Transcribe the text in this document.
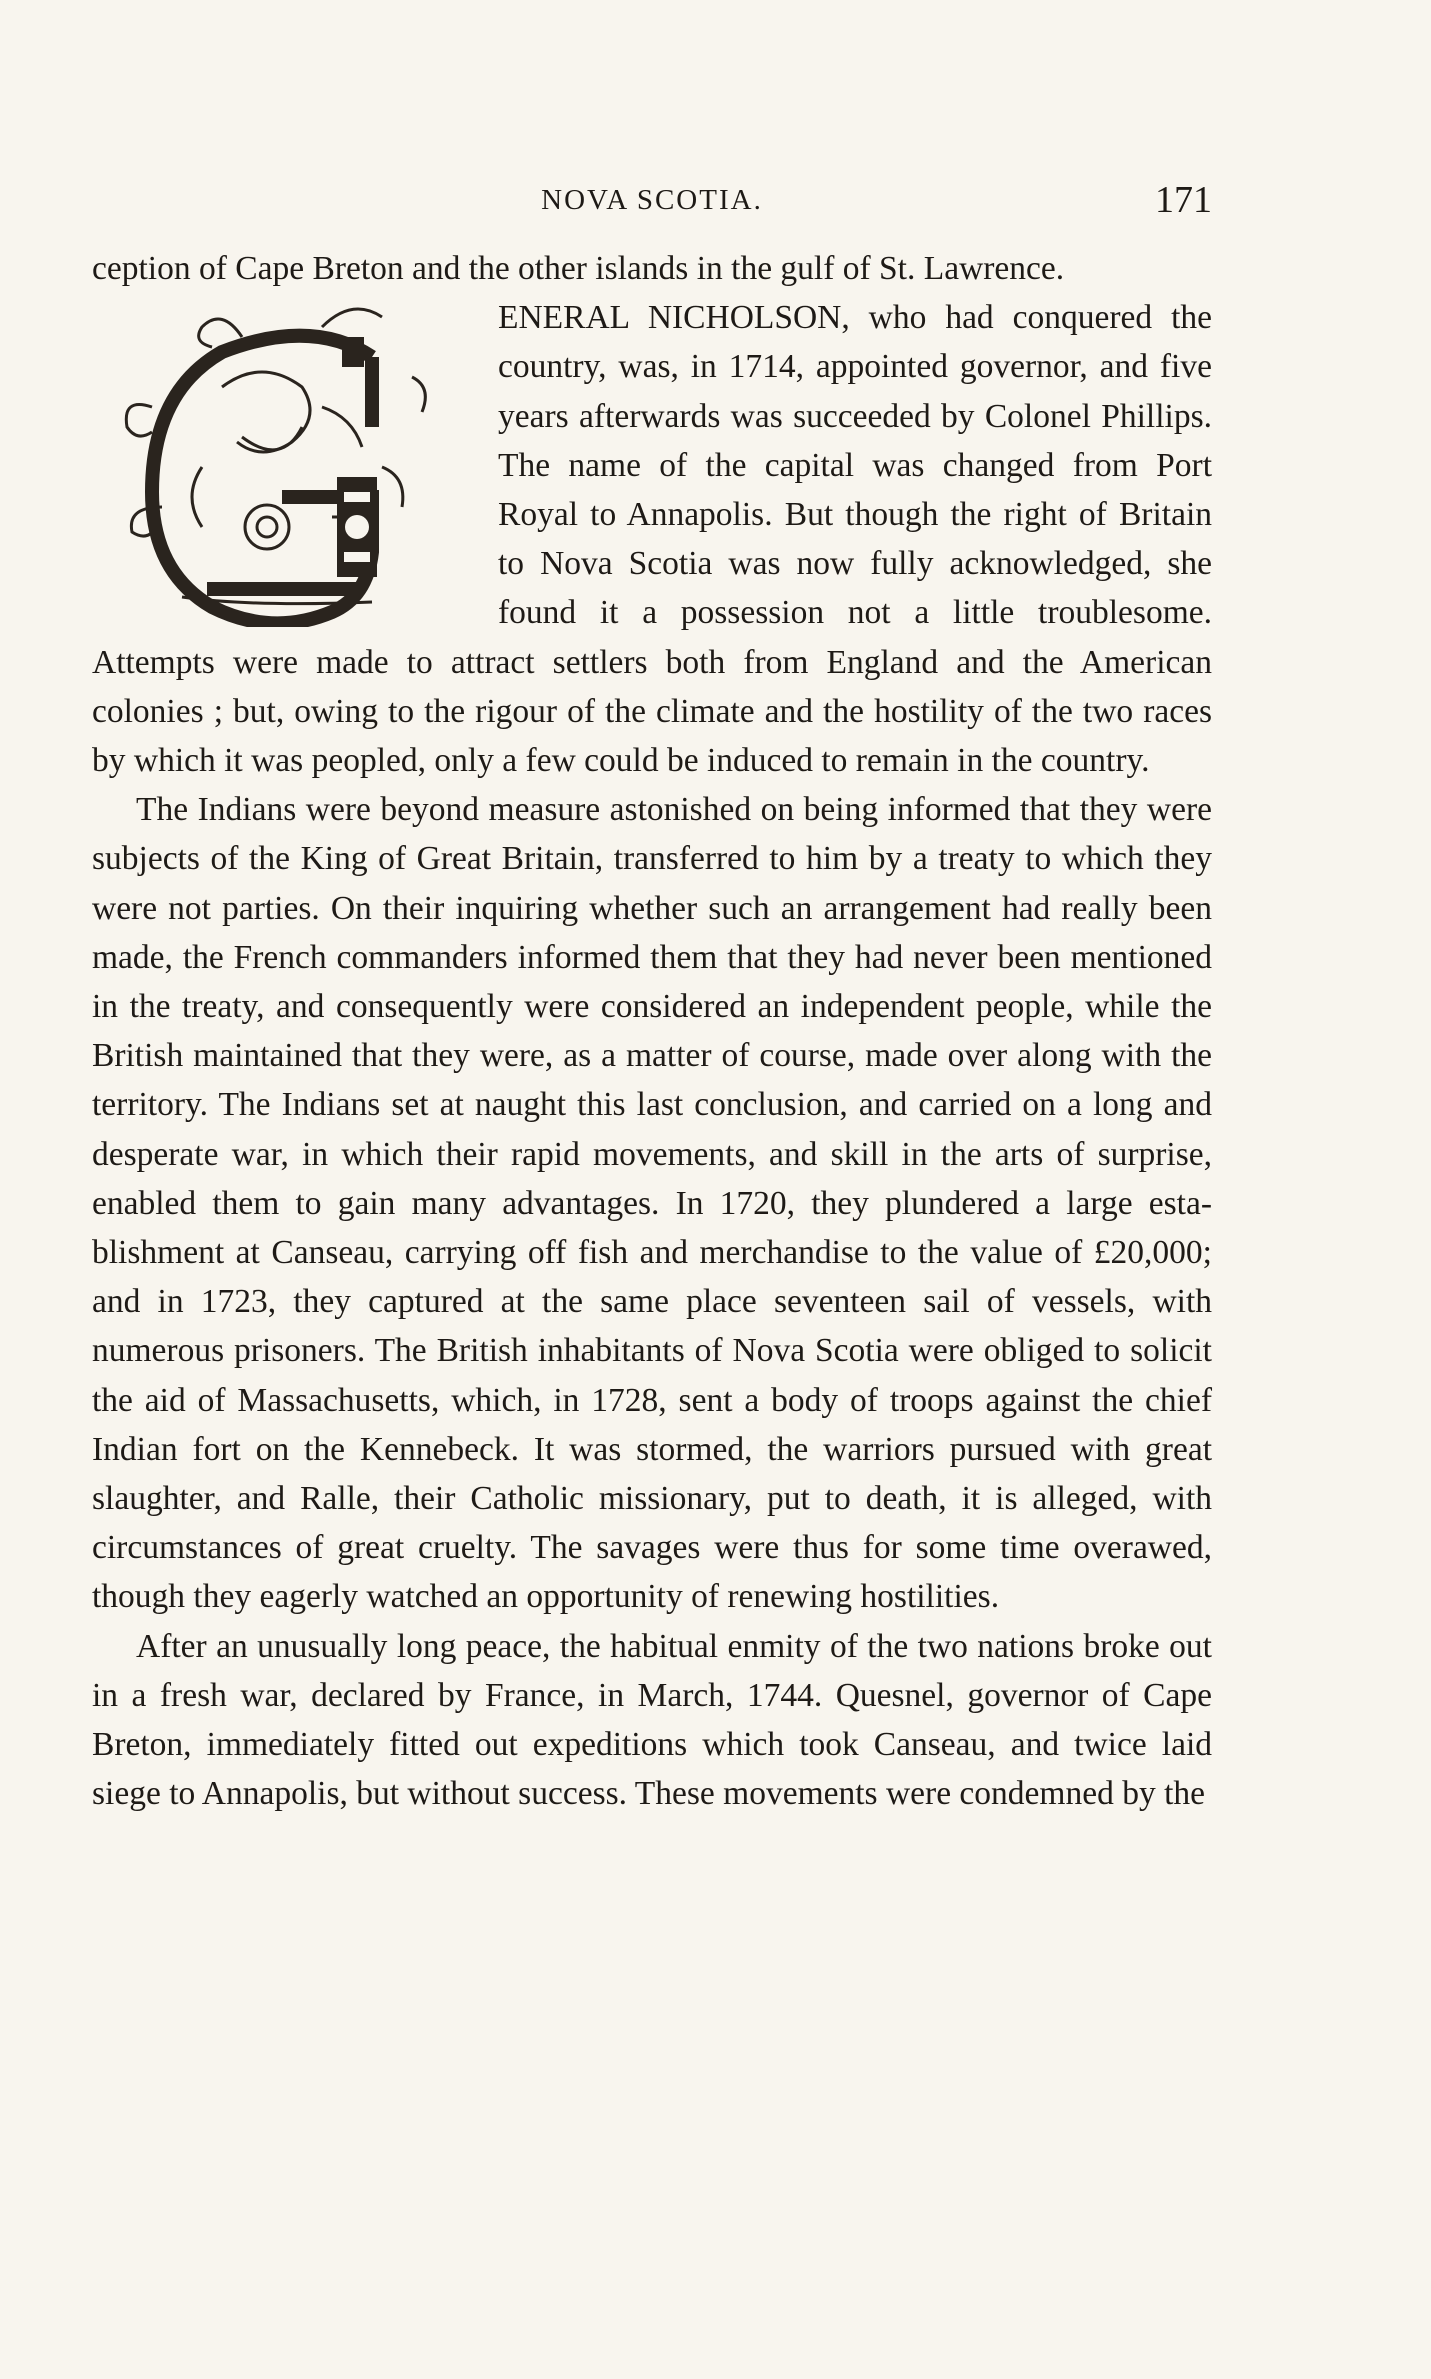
NOVA SCOTIA.	171

ception of Cape Breton and the other islands in the gulf of St. Lawrence.

ENERAL NICHOLSON, who had conquered the country, was, in 1714, appointed governor, and five years afterwards was succeeded by Colonel Phillips. The name of the capital was changed from Port Royal to Annapolis. But though the right of Britain to Nova Scotia was now fully acknowledged, she found it a possession not a little troublesome. Attempts were made to attract settlers both from England and the American colonies ; but, owing to the rigour of the climate and the hostility of the two races by which it was peopled, only a few could be induced to remain in the country.

The Indians were beyond measure astonished on being informed that they were subjects of the King of Great Britain, transferred to him by a treaty to which they were not parties. On their inquiring whether such an arrangement had really been made, the French commanders informed them that they had never been mentioned in the treaty, and consequently were considered an independent people, while the British maintained that they were, as a matter of course, made over along with the territory. The Indians set at naught this last conclusion, and carried on a long and desperate war, in which their rapid movements, and skill in the arts of surprise, enabled them to gain many advantages. In 1720, they plundered a large establishment at Canseau, carrying off fish and merchandise to the value of £20,000; and in 1723, they captured at the same place seventeen sail of vessels, with numerous prisoners. The British inhabitants of Nova Scotia were obliged to solicit the aid of Massachusetts, which, in 1728, sent a body of troops against the chief Indian fort on the Kennebeck. It was stormed, the warriors pursued with great slaughter, and Ralle, their Catholic missionary, put to death, it is alleged, with circumstances of great cruelty. The savages were thus for some time overawed, though they eagerly watched an opportunity of renewing hostilities.

After an unusually long peace, the habitual enmity of the two nations broke out in a fresh war, declared by France, in March, 1744. Quesnel, governor of Cape Breton, immediately fitted out expeditions which took Canseau, and twice laid siege to Annapolis, but without success. These movements were condemned by the
